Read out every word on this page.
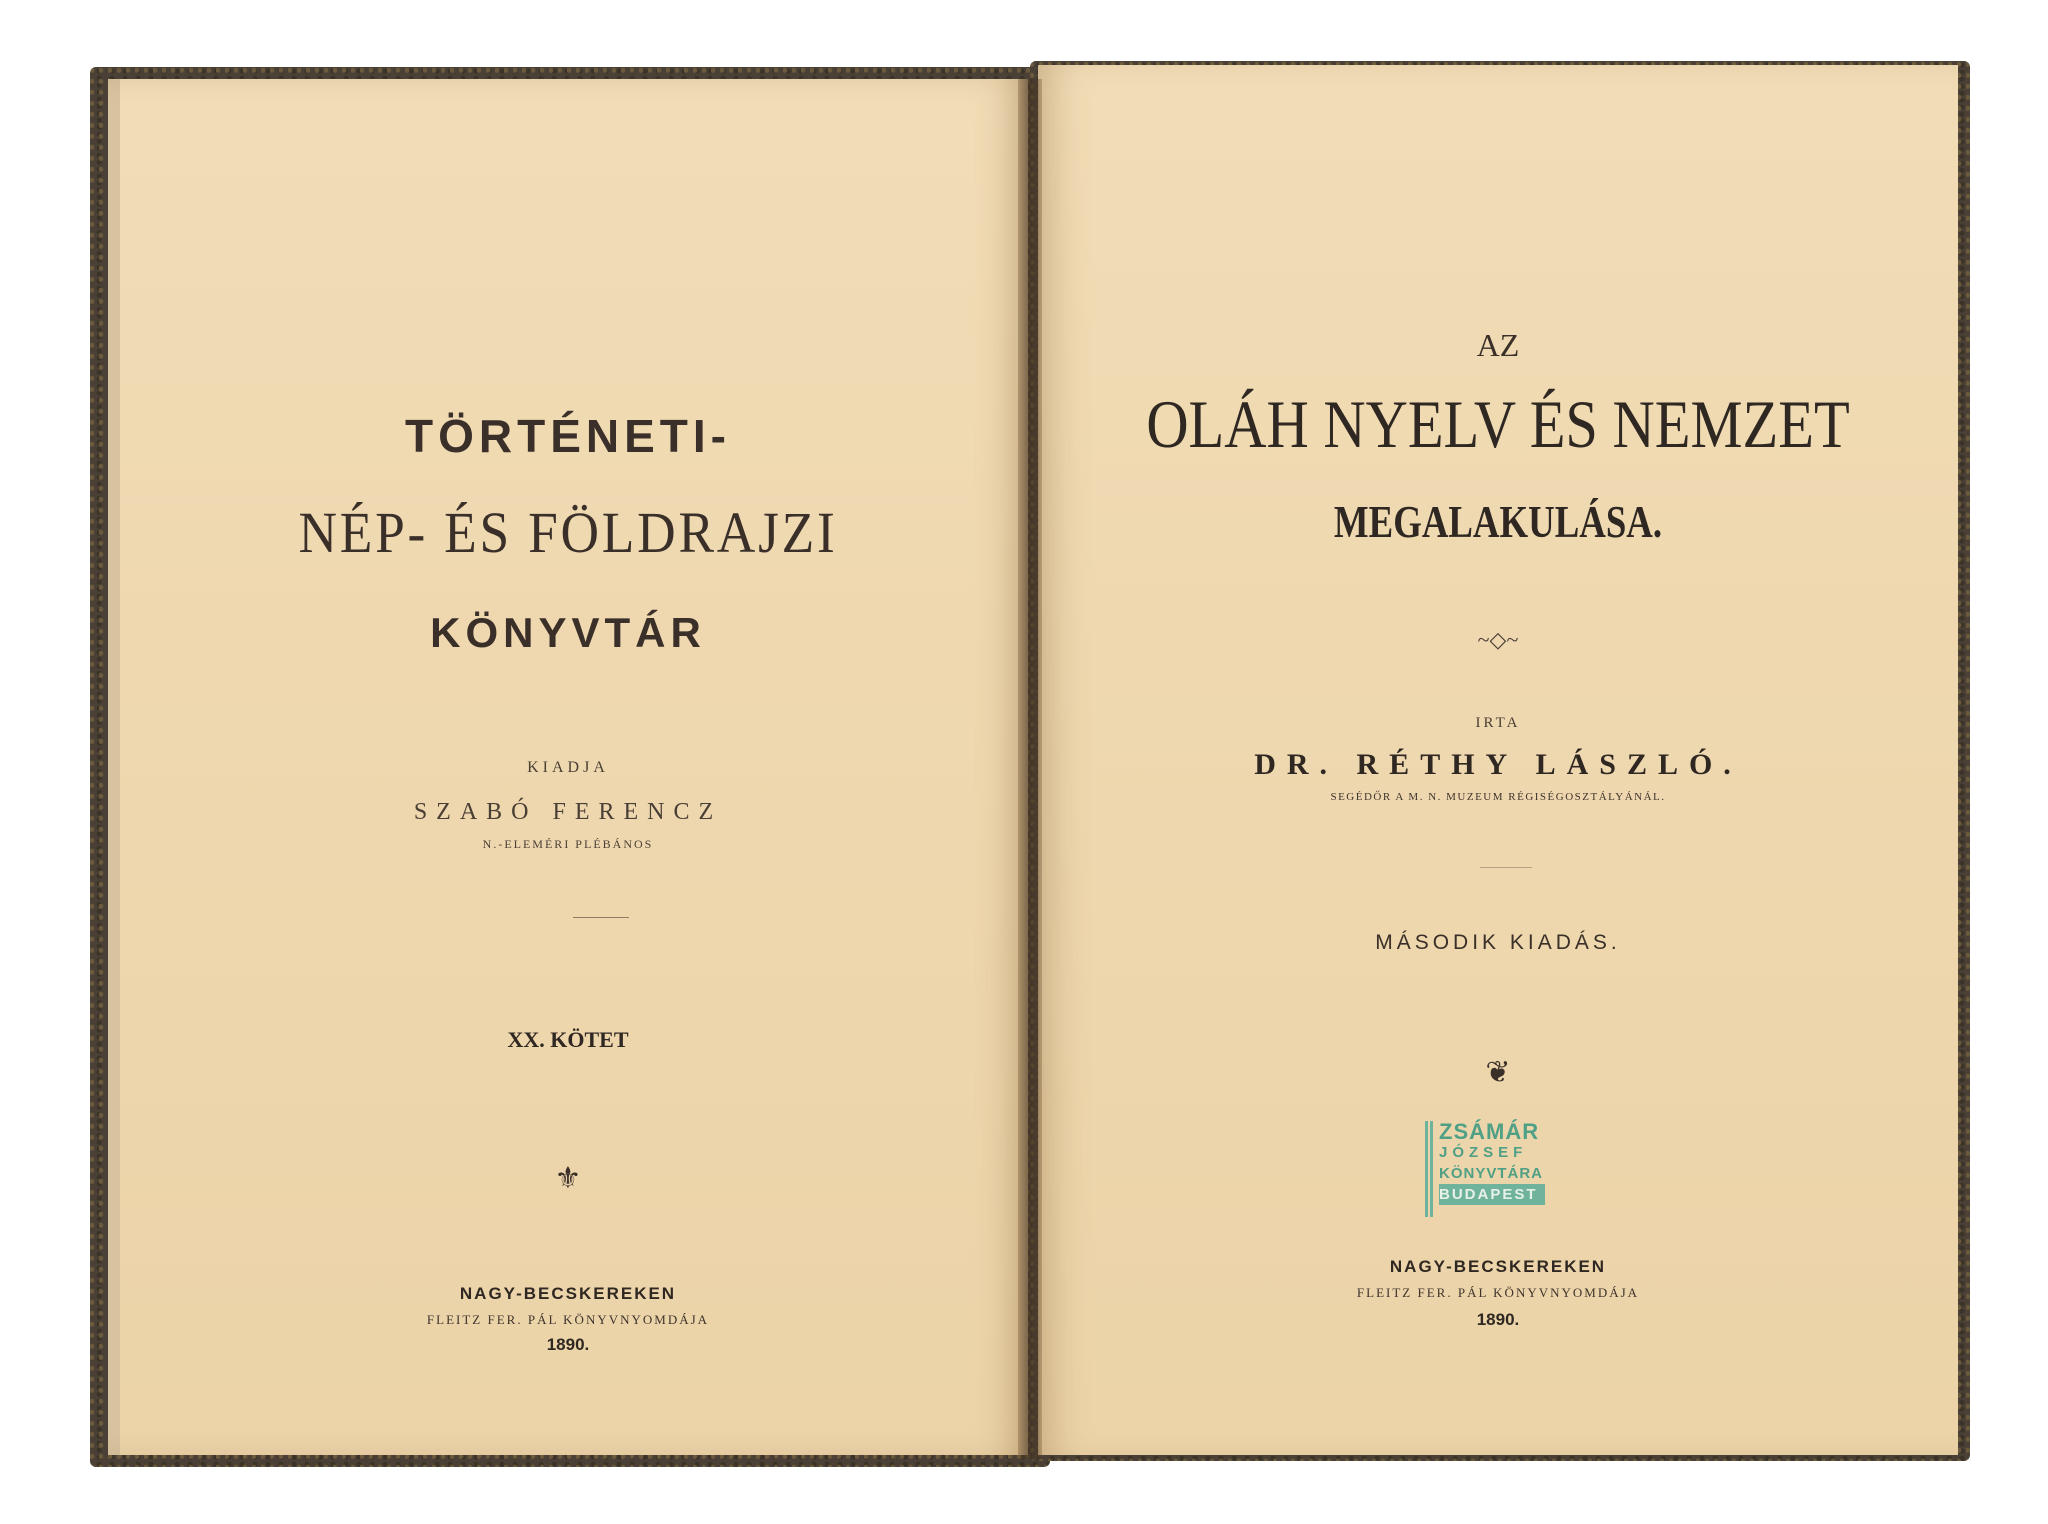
TÖRTÉNETI-
NÉP- ÉS FÖLDRAJZI
KÖNYVTÁR
KIADJA
SZABÓ FERENCZ
N.-ELEMÉRI PLÉBÁNOS
XX. KÖTET
⚜
NAGY-BECSKEREKEN
FLEITZ FER. PÁL KÖNYVNYOMDÁJA
1890.
AZ
OLÁH NYELV ÉS NEMZET
MEGALAKULÁSA.
~◇~
IRTA
DR. RÉTHY LÁSZLÓ.
SEGÉDŐR A M. N. MUZEUM RÉGISÉGOSZTÁLYÁNÁL.
MÁSODIK KIADÁS.
❦
ZSÁMÁR
JÓZSEF
KÖNYVTÁRA
BUDAPEST
NAGY-BECSKEREKEN
FLEITZ FER. PÁL KÖNYVNYOMDÁJA
1890.
